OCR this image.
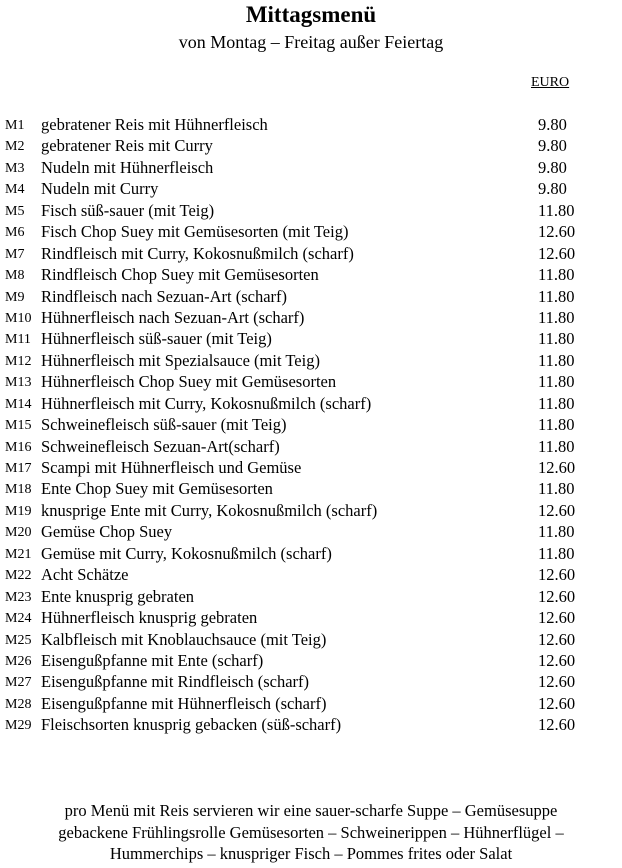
Mittagsmenü
von Montag – Freitag außer Feiertag
EURO
M1 gebratener Reis mit Hühnerfleisch	9.80
M2 gebratener Reis mit Curry	9.80
M3 Nudeln mit Hühnerfleisch	9.80
M4 Nudeln mit Curry	9.80
M5 Fisch süß-sauer (mit Teig)	11.80
M6 Fisch Chop Suey mit Gemüsesorten (mit Teig)	12.60
M7 Rindfleisch mit Curry, Kokosnußmilch (scharf)	12.60
M8 Rindfleisch Chop Suey mit Gemüsesorten	11.80
M9 Rindfleisch nach Sezuan-Art (scharf)	11.80
M10 Hühnerfleisch nach Sezuan-Art (scharf)	11.80
M11 Hühnerfleisch süß-sauer (mit Teig)	11.80
M12 Hühnerfleisch mit Spezialsauce (mit Teig)	11.80
M13 Hühnerfleisch Chop Suey mit Gemüsesorten	11.80
M14 Hühnerfleisch mit Curry, Kokosnußmilch (scharf)	11.80
M15 Schweinefleisch süß-sauer (mit Teig)	11.80
M16 Schweinefleisch Sezuan-Art(scharf)	11.80
M17 Scampi mit Hühnerfleisch und Gemüse	12.60
M18 Ente Chop Suey mit Gemüsesorten	11.80
M19 knusprige Ente mit Curry, Kokosnußmilch (scharf)	12.60
M20 Gemüse Chop Suey	11.80
M21 Gemüse mit Curry, Kokosnußmilch (scharf)	11.80
M22 Acht Schätze	12.60
M23 Ente knusprig gebraten	12.60
M24 Hühnerfleisch knusprig gebraten	12.60
M25 Kalbfleisch mit Knoblauchsauce (mit Teig)	12.60
M26 Eisengußpfanne mit Ente (scharf)	12.60
M27 Eisengußpfanne mit Rindfleisch (scharf)	12.60
M28 Eisengußpfanne mit Hühnerfleisch (scharf)	12.60
M29 Fleischsorten knusprig gebacken (süß-scharf)	12.60
pro Menü mit Reis servieren wir eine sauer-scharfe Suppe – Gemüsesuppe
gebackene Frühlingsrolle Gemüsesorten – Schweinerippen – Hühnerflügel –
Hummerchips – knuspriger Fisch – Pommes frites oder Salat
